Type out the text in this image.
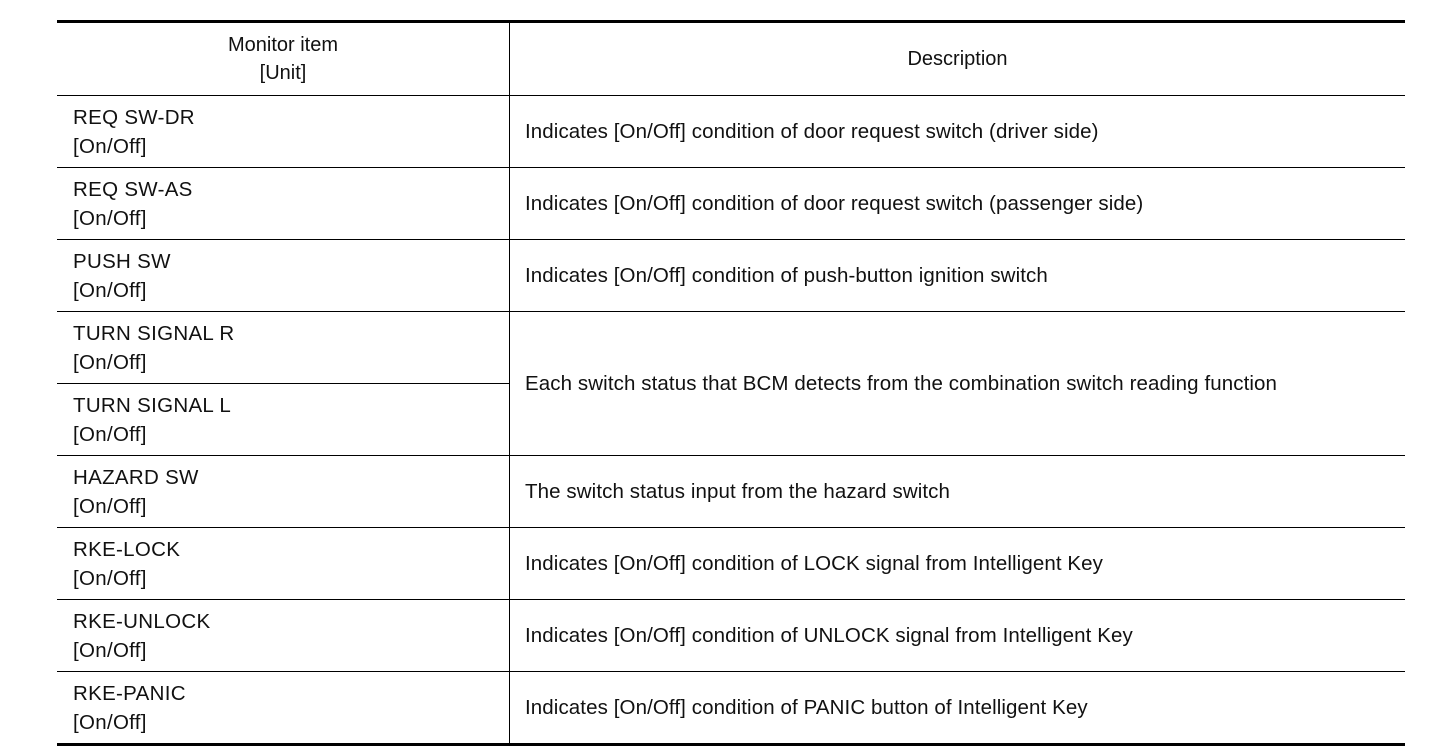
Monitor item
[Unit]	Description

REQ SW-DR
[On/Off]	Indicates [On/Off] condition of door request switch (driver side)

REQ SW-AS
[On/Off]	Indicates [On/Off] condition of door request switch (passenger side)

PUSH SW
[On/Off]	Indicates [On/Off] condition of push-button ignition switch

TURN SIGNAL R
[On/Off]	Each switch status that BCM detects from the combination switch reading function

TURN SIGNAL L
[On/Off]	

HAZARD SW
[On/Off]	The switch status input from the hazard switch

RKE-LOCK
[On/Off]	Indicates [On/Off] condition of LOCK signal from Intelligent Key

RKE-UNLOCK
[On/Off]	Indicates [On/Off] condition of UNLOCK signal from Intelligent Key

RKE-PANIC
[On/Off]	Indicates [On/Off] condition of PANIC button of Intelligent Key
